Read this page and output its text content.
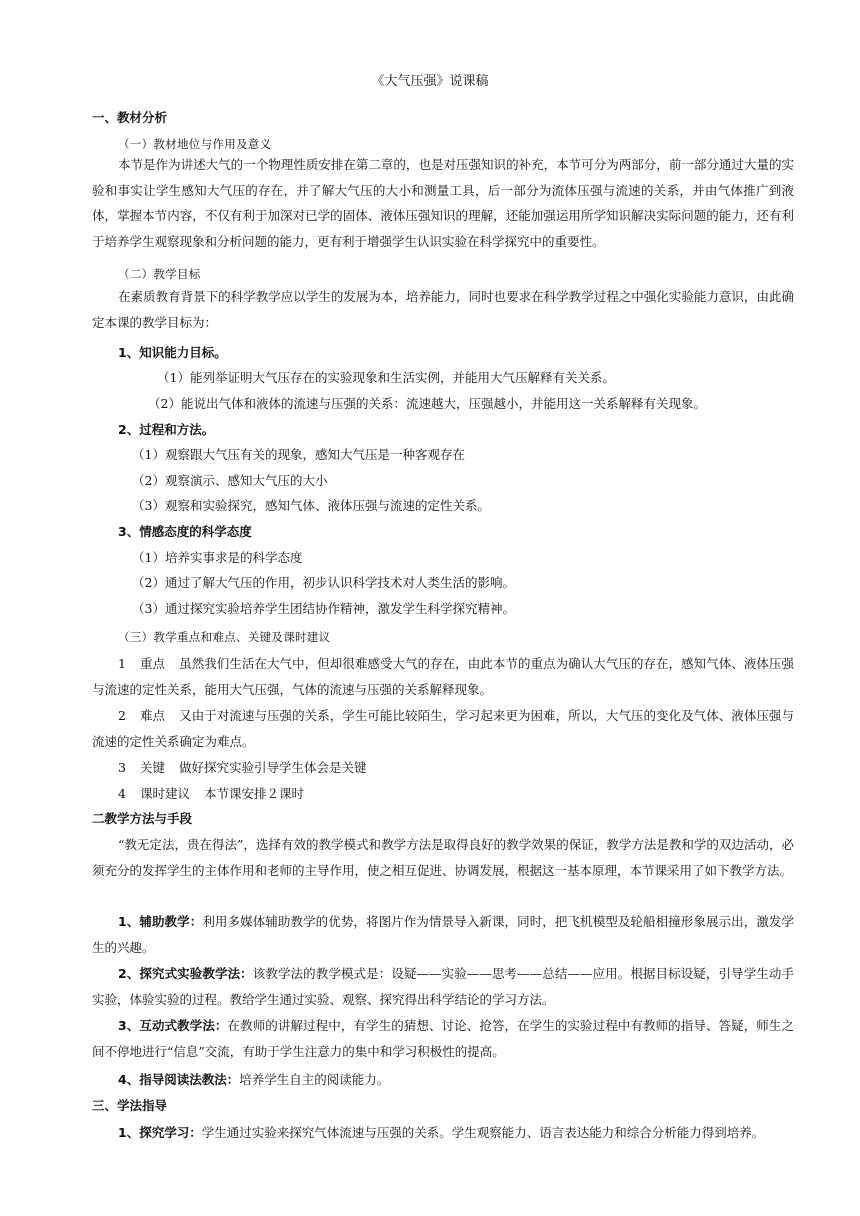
《大气压强》说课稿
一、教材分析
（一）教材地位与作用及意义
本节是作为讲述大气的一个物理性质安排在第二章的，也是对压强知识的补充，本节可分为两部分，前一部分通过大量的实验和事实让学生感知大气压的存在，并了解大气压的大小和测量工具，后一部分为流体压强与流速的关系，并由气体推广到液体，掌握本节内容，不仅有利于加深对已学的固体、液体压强知识的理解，还能加强运用所学知识解决实际问题的能力，还有利于培养学生观察现象和分析问题的能力，更有利于增强学生认识实验在科学探究中的重要性。
（二）教学目标
在素质教育背景下的科学教学应以学生的发展为本，培养能力，同时也要求在科学教学过程之中强化实验能力意识，由此确定本课的教学目标为：
1、知识能力目标。
（1）能列举证明大气压存在的实验现象和生活实例，并能用大气压解释有关关系。
（2）能说出气体和液体的流速与压强的关系：流速越大，压强越小，并能用这一关系解释有关现象。
2、过程和方法。
（1）观察跟大气压有关的现象，感知大气压是一种客观存在
（2）观察演示、感知大气压的大小
（3）观察和实验探究，感知气体、液体压强与流速的定性关系。
3、情感态度的科学态度
（1）培养实事求是的科学态度
（2）通过了解大气压的作用，初步认识科学技术对人类生活的影响。
（3）通过探究实验培养学生团结协作精神，激发学生科学探究精神。
（三）教学重点和难点、关键及课时建议
1 重点 虽然我们生活在大气中，但却很难感受大气的存在，由此本节的重点为确认大气压的存在，感知气体、液体压强与流速的定性关系，能用大气压强，气体的流速与压强的关系解释现象。
2 难点 又由于对流速与压强的关系，学生可能比较陌生，学习起来更为困难，所以，大气压的变化及气体、液体压强与流速的定性关系确定为难点。
3 关键 做好探究实验引导学生体会是关键
4 课时建议 本节课安排２课时
二教学方法与手段
“教无定法，贵在得法”，选择有效的教学模式和教学方法是取得良好的教学效果的保证，教学方法是教和学的双边活动，必须充分的发挥学生的主体作用和老师的主导作用，使之相互促进、协调发展，根据这一基本原理，本节课采用了如下教学方法。
1、辅助教学：利用多媒体辅助教学的优势，将图片作为情景导入新课，同时，把飞机模型及轮船相撞形象展示出，激发学生的兴趣。
2、探究式实验教学法：该教学法的教学模式是：设疑——实验——思考——总结——应用。根据目标设疑，引导学生动手实验，体验实验的过程。教给学生通过实验、观察、探究得出科学结论的学习方法。
3、互动式教学法：在教师的讲解过程中，有学生的猜想、讨论、抢答，在学生的实验过程中有教师的指导、答疑，师生之间不停地进行“信息”交流，有助于学生注意力的集中和学习积极性的提高。
4、指导阅读法教法：培养学生自主的阅读能力。
三、学法指导
1、探究学习：学生通过实验来探究气体流速与压强的关系。学生观察能力、语言表达能力和综合分析能力得到培养。
